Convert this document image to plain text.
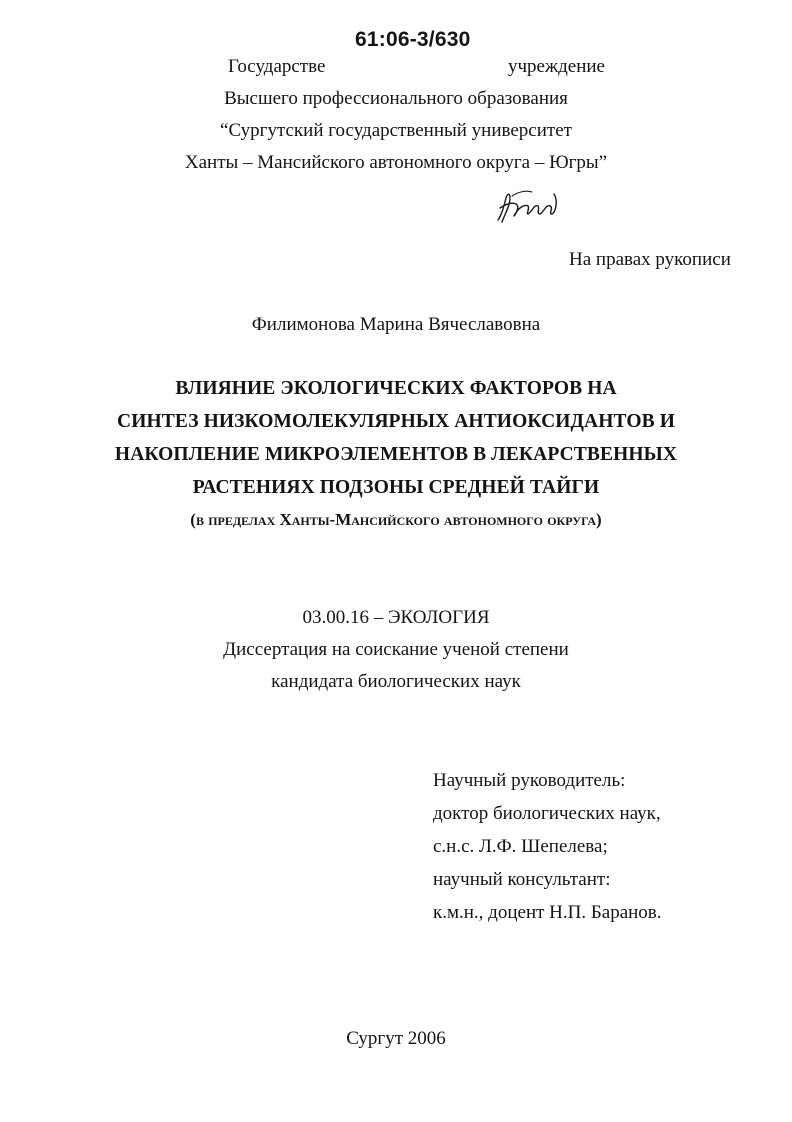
61:06-3/630
Государстве	учреждение
Высшего профессионального образования
“Сургутский государственный университет
Ханты – Мансийского автономного округа – Югры”
На правах рукописи
Филимонова Марина Вячеславовна
ВЛИЯНИЕ ЭКОЛОГИЧЕСКИХ ФАКТОРОВ НА
СИНТЕЗ НИЗКОМОЛЕКУЛЯРНЫХ АНТИОКСИДАНТОВ И
НАКОПЛЕНИЕ МИКРОЭЛЕМЕНТОВ В ЛЕКАРСТВЕННЫХ
РАСТЕНИЯХ ПОДЗОНЫ СРЕДНЕЙ ТАЙГИ
(в пределах Ханты-Мансийского автономного округа)
03.00.16 – ЭКОЛОГИЯ
Диссертация на соискание ученой степени
кандидата биологических наук
Научный руководитель:
доктор биологических наук,
с.н.с. Л.Ф. Шепелева;
научный консультант:
к.м.н., доцент Н.П. Баранов.
Сургут 2006
